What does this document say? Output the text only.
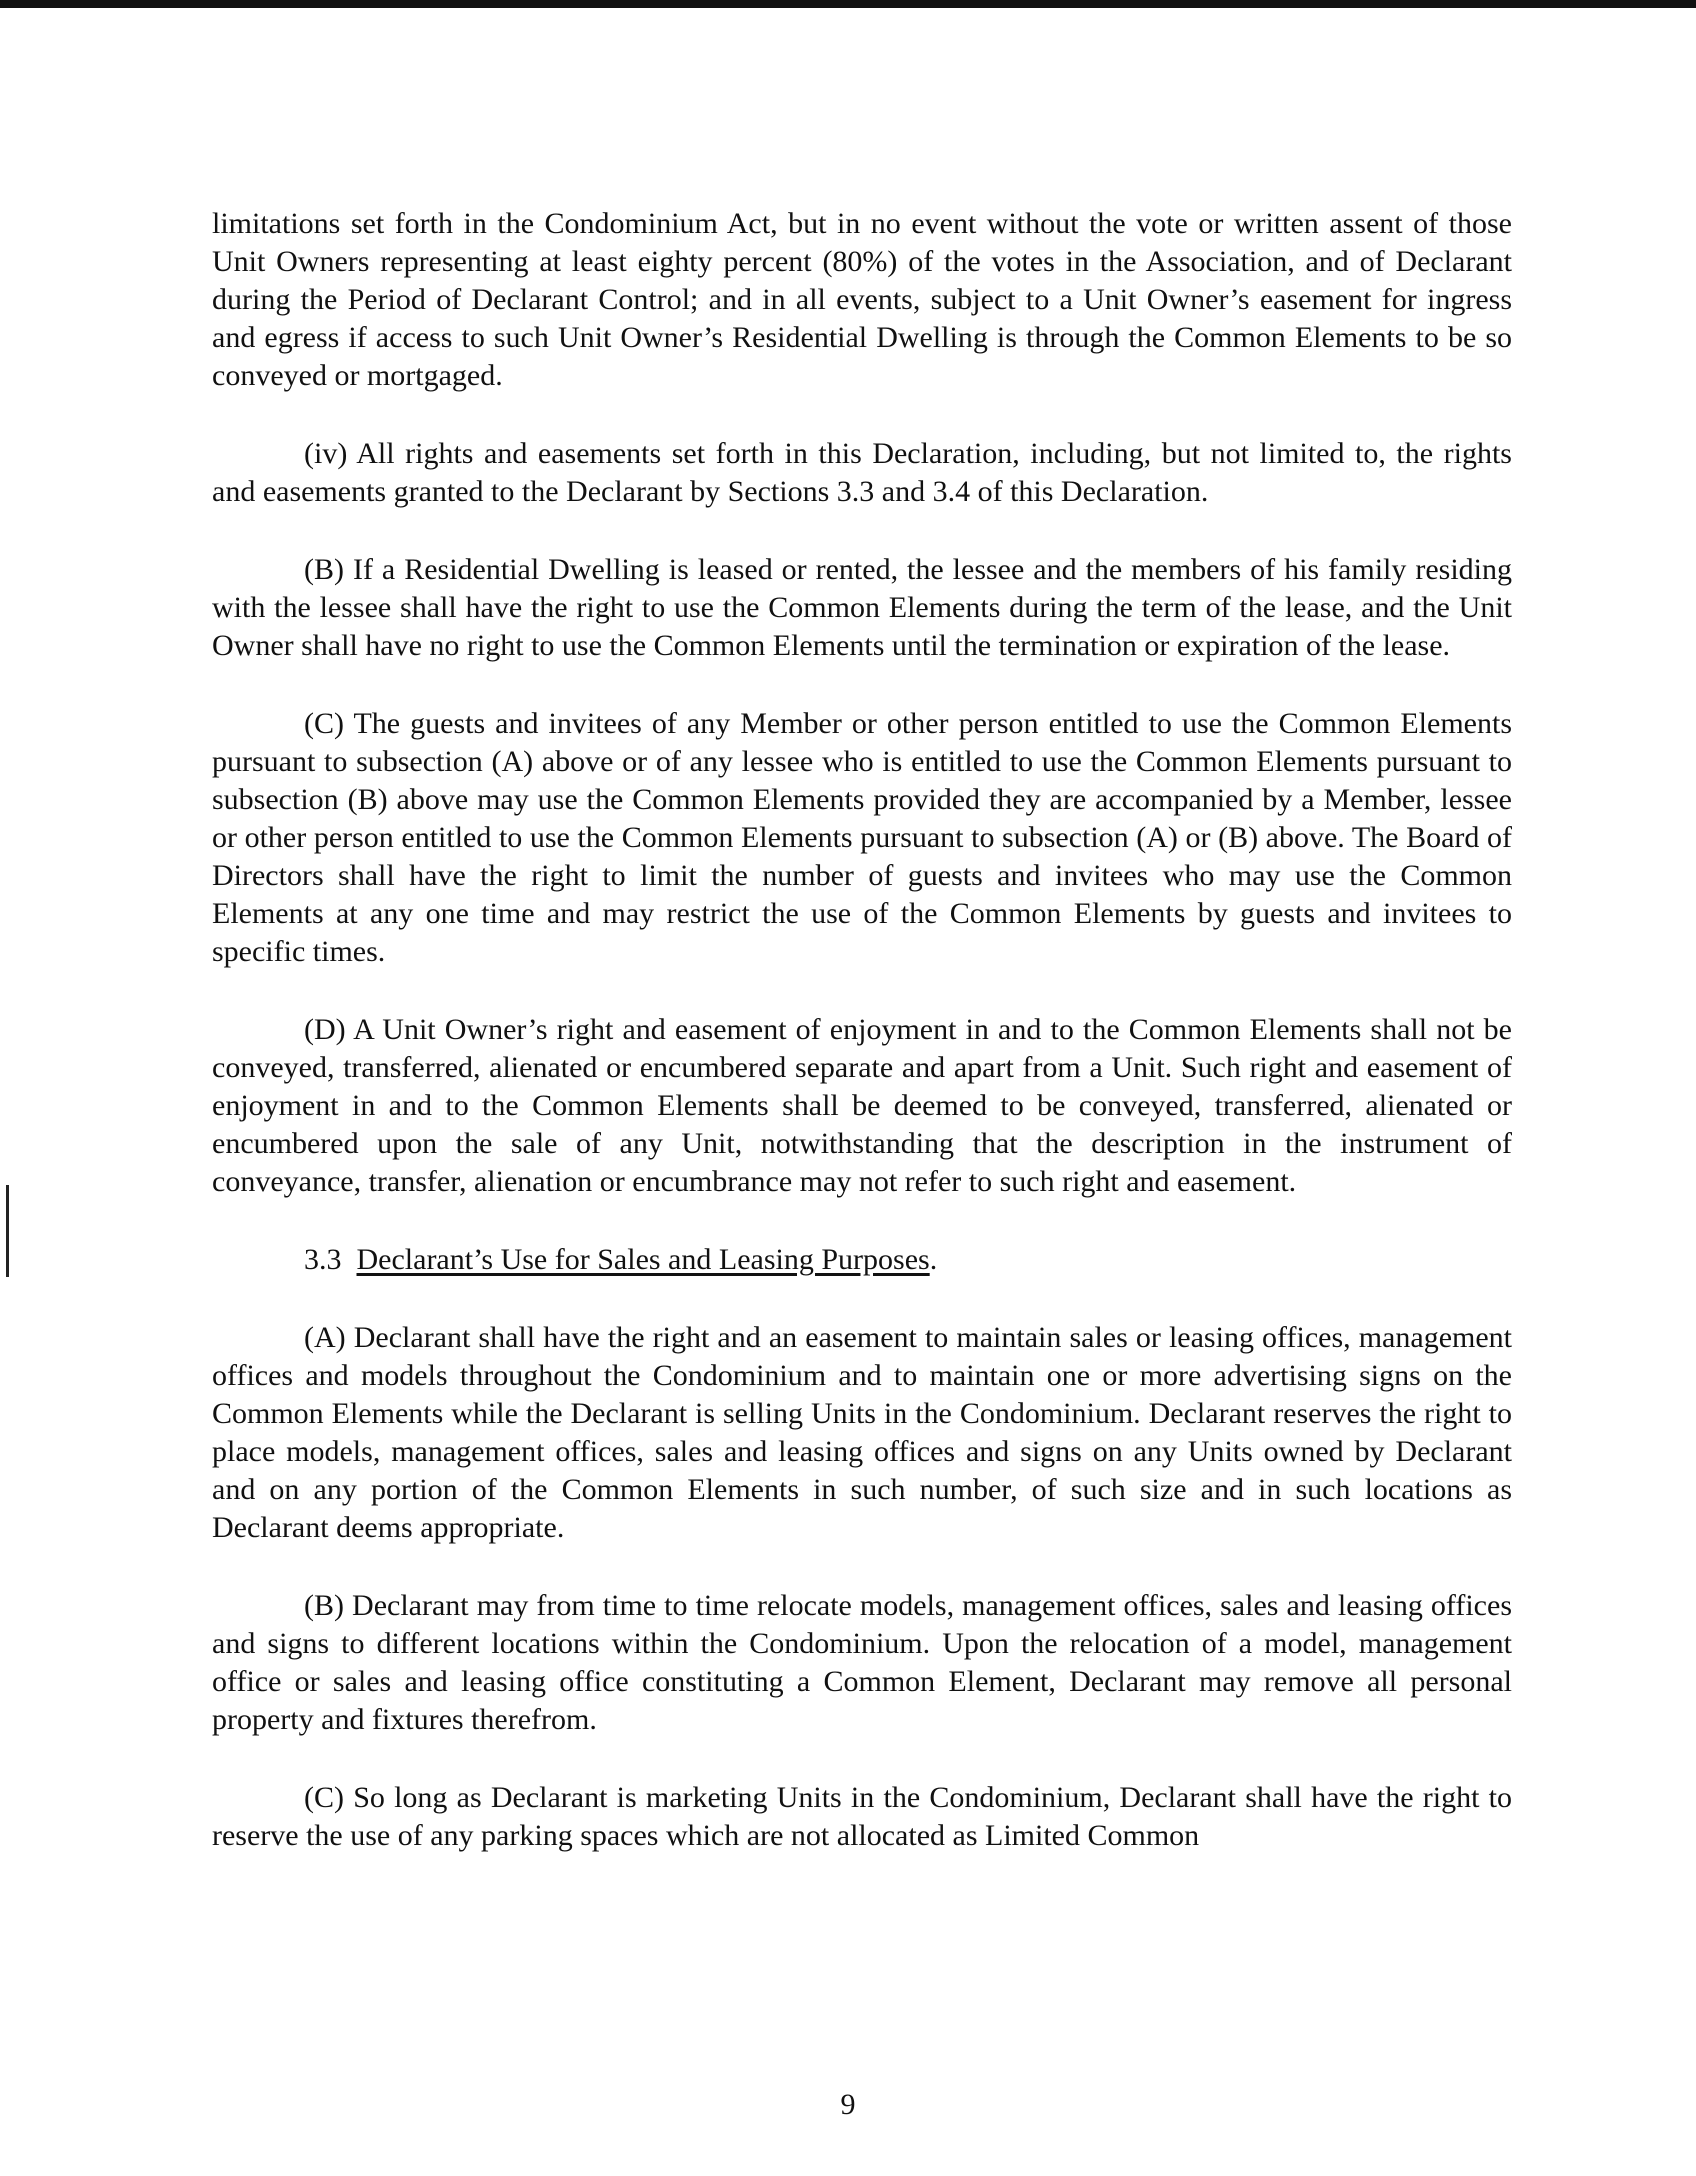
limitations set forth in the Condominium Act, but in no event without the vote or written assent of those Unit Owners representing at least eighty percent (80%) of the votes in the Association, and of Declarant during the Period of Declarant Control; and in all events, subject to a Unit Owner’s easement for ingress and egress if access to such Unit Owner’s Residential Dwelling is through the Common Elements to be so conveyed or mortgaged.

(iv) All rights and easements set forth in this Declaration, including, but not limited to, the rights and easements granted to the Declarant by Sections 3.3 and 3.4 of this Declaration.

(B) If a Residential Dwelling is leased or rented, the lessee and the members of his family residing with the lessee shall have the right to use the Common Elements during the term of the lease, and the Unit Owner shall have no right to use the Common Elements until the termination or expiration of the lease.

(C) The guests and invitees of any Member or other person entitled to use the Common Elements pursuant to subsection (A) above or of any lessee who is entitled to use the Common Elements pursuant to subsection (B) above may use the Common Elements provided they are accompanied by a Member, lessee or other person entitled to use the Common Elements pursuant to subsection (A) or (B) above. The Board of Directors shall have the right to limit the number of guests and invitees who may use the Common Elements at any one time and may restrict the use of the Common Elements by guests and invitees to specific times.

(D) A Unit Owner’s right and easement of enjoyment in and to the Common Elements shall not be conveyed, transferred, alienated or encumbered separate and apart from a Unit. Such right and easement of enjoyment in and to the Common Elements shall be deemed to be conveyed, transferred, alienated or encumbered upon the sale of any Unit, notwithstanding that the description in the instrument of conveyance, transfer, alienation or encumbrance may not refer to such right and easement.

3.3 Declarant’s Use for Sales and Leasing Purposes.

(A) Declarant shall have the right and an easement to maintain sales or leasing offices, management offices and models throughout the Condominium and to maintain one or more advertising signs on the Common Elements while the Declarant is selling Units in the Condominium. Declarant reserves the right to place models, management offices, sales and leasing offices and signs on any Units owned by Declarant and on any portion of the Common Elements in such number, of such size and in such locations as Declarant deems appropriate.

(B) Declarant may from time to time relocate models, management offices, sales and leasing offices and signs to different locations within the Condominium. Upon the relocation of a model, management office or sales and leasing office constituting a Common Element, Declarant may remove all personal property and fixtures therefrom.

(C) So long as Declarant is marketing Units in the Condominium, Declarant shall have the right to reserve the use of any parking spaces which are not allocated as Limited Common

9
